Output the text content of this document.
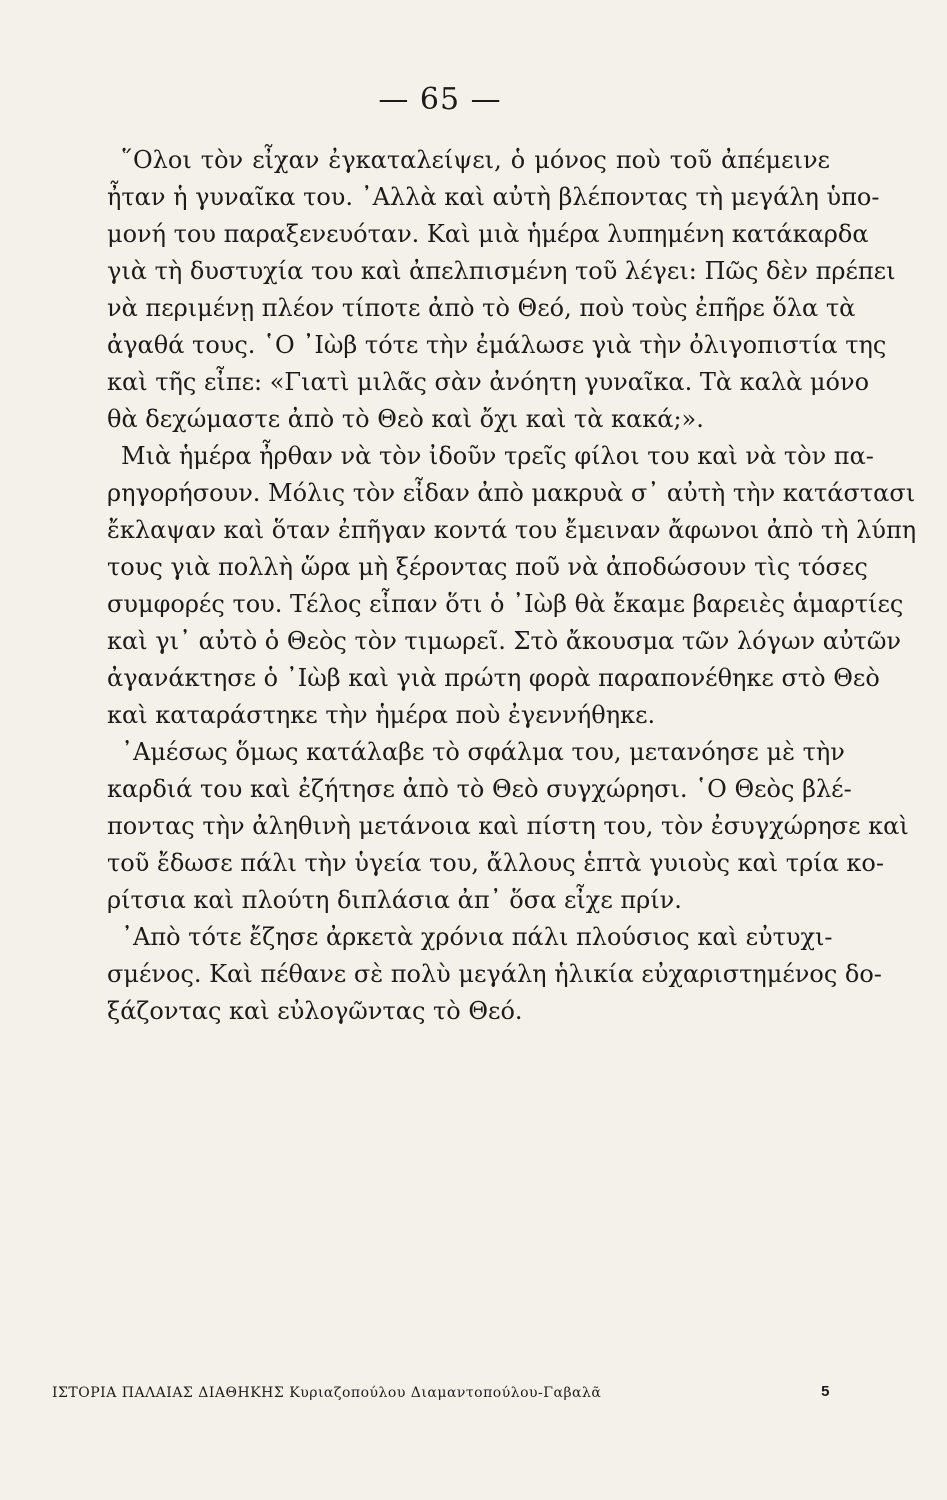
— 65 —
῞Ολοι τὸν εἶχαν ἐγκαταλείψει, ὁ μόνος ποὺ τοῦ ἀπέμεινε
ἦταν ἡ γυναῖκα του. ᾿Αλλὰ καὶ αὐτὴ βλέποντας τὴ μεγάλη ὑπο-
μονή του παραξενευόταν. Καὶ μιὰ ἡμέρα λυπημένη κατάκαρδα
γιὰ τὴ δυστυχία του καὶ ἀπελπισμένη τοῦ λέγει: Πῶς δὲν πρέπει
νὰ περιμένῃ πλέον τίποτε ἀπὸ τὸ Θεό, ποὺ τοὺς ἐπῆρε ὅλα τὰ
ἀγαθά τους. ῾Ο ᾿Ιὼβ τότε τὴν ἐμάλωσε γιὰ τὴν ὀλιγοπιστία της
καὶ τῆς εἶπε: «Γιατὶ μιλᾶς σὰν ἀνόητη γυναῖκα. Τὰ καλὰ μόνο
θὰ δεχώμαστε ἀπὸ τὸ Θεὸ καὶ ὄχι καὶ τὰ κακά;».
Μιὰ ἡμέρα ἦρθαν νὰ τὸν ἰδοῦν τρεῖς φίλοι του καὶ νὰ τὸν πα-
ρηγορήσουν. Μόλις τὸν εἶδαν ἀπὸ μακρυὰ σ᾿ αὐτὴ τὴν κατάστασι
ἔκλαψαν καὶ ὅταν ἐπῆγαν κοντά του ἔμειναν ἄφωνοι ἀπὸ τὴ λύπη
τους γιὰ πολλὴ ὥρα μὴ ξέροντας ποῦ νὰ ἀποδώσουν τὶς τόσες
συμφορές του. Τέλος εἶπαν ὅτι ὁ ᾿Ιὼβ θὰ ἔκαμε βαρειὲς ἁμαρτίες
καὶ γι᾿ αὐτὸ ὁ Θεὸς τὸν τιμωρεῖ. Στὸ ἄκουσμα τῶν λόγων αὐτῶν
ἀγανάκτησε ὁ ᾿Ιὼβ καὶ γιὰ πρώτη φορὰ παραπονέθηκε στὸ Θεὸ
καὶ καταράστηκε τὴν ἡμέρα ποὺ ἐγεννήθηκε.
᾿Αμέσως ὅμως κατάλαβε τὸ σφάλμα του, μετανόησε μὲ τὴν
καρδιά του καὶ ἐζήτησε ἀπὸ τὸ Θεὸ συγχώρησι. ῾Ο Θεὸς βλέ-
ποντας τὴν ἀληθινὴ μετάνοια καὶ πίστη του, τὸν ἐσυγχώρησε καὶ
τοῦ ἔδωσε πάλι τὴν ὑγεία του, ἄλλους ἑπτὰ γυιοὺς καὶ τρία κο-
ρίτσια καὶ πλούτη διπλάσια ἀπ᾿ ὅσα εἶχε πρίν.
᾿Απὸ τότε ἔζησε ἀρκετὰ χρόνια πάλι πλούσιος καὶ εὐτυχι-
σμένος. Καὶ πέθανε σὲ πολὺ μεγάλη ἡλικία εὐχαριστημένος δο-
ξάζοντας καὶ εὐλογῶντας τὸ Θεό.
ΙΣΤΟΡΙΑ ΠΑΛΑΙΑΣ ΔΙΑΘΗΚΗΣ Κυριαζοπούλου Διαμαντοπούλου-Γαβαλᾶ	5
